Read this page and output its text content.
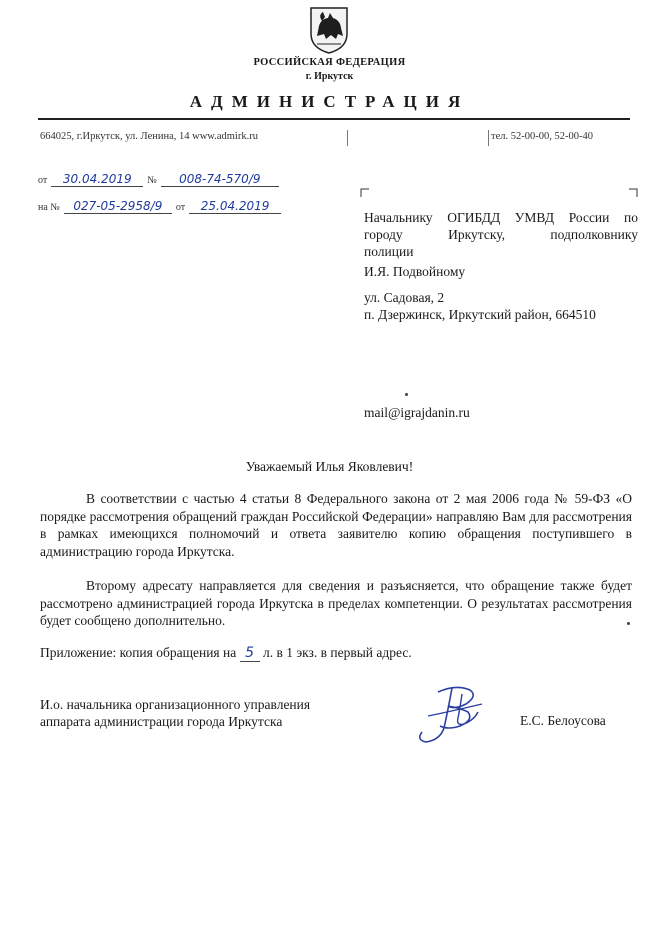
РОССИЙСКАЯ ФЕДЕРАЦИЯ
г. Иркутск
АДМИНИСТРАЦИЯ
664025, г.Иркутск, ул. Ленина, 14 www.admirk.ru	тел. 52-00-00, 52-00-40
от 30.04.2019 № 008-74-570/9
на № 027-05-2958/9 от 25.04.2019
Начальнику ОГИБДД УМВД России по
городу Иркутску, подполковнику
полиции
И.Я. Подвойному
ул. Садовая, 2
п. Дзержинск, Иркутский район, 664510
mail@igrajdanin.ru
Уважаемый Илья Яковлевич!
В соответствии с частью 4 статьи 8 Федерального закона от 2 мая 2006 года № 59-ФЗ «О порядке рассмотрения обращений граждан Российской Федерации» направляю Вам для рассмотрения в рамках имеющихся полномочий и ответа заявителю копию обращения поступившего в администрацию города Иркутска.
Второму адресату направляется для сведения и разъясняется, что обращение также будет рассмотрено администрацией города Иркутска в пределах компетенции. О результатах рассмотрения будет сообщено дополнительно.
Приложение: копия обращения на 5 л. в 1 экз. в первый адрес.
И.о. начальника организационного управления
аппарата администрации города Иркутска	Е.С. Белоусова
